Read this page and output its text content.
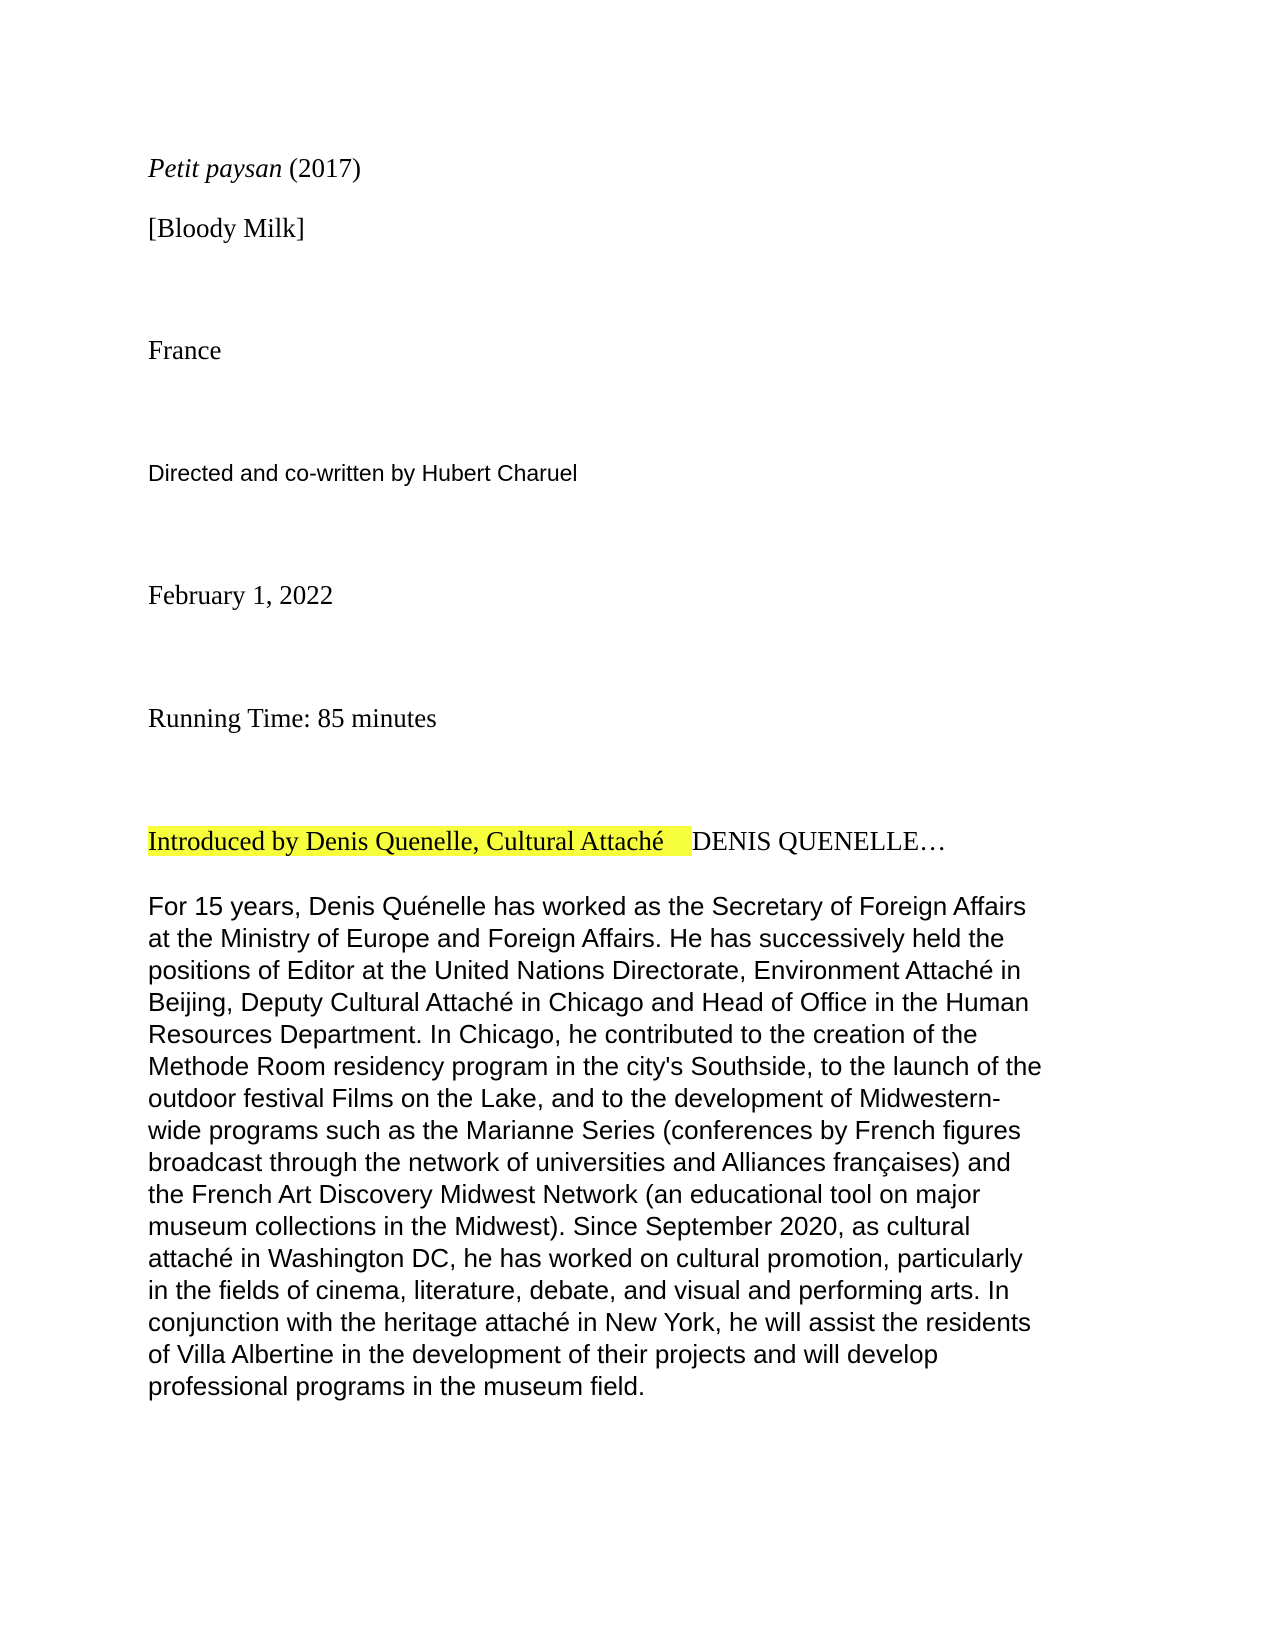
Petit paysan (2017)

[Bloody Milk]

France

Directed and co-written by Hubert Charuel

February 1, 2022

Running Time: 85 minutes

Introduced by Denis Quenelle, Cultural Attaché DENIS QUENELLE…

For 15 years, Denis Quénelle has worked as the Secretary of Foreign Affairs
at the Ministry of Europe and Foreign Affairs. He has successively held the
positions of Editor at the United Nations Directorate, Environment Attaché in
Beijing, Deputy Cultural Attaché in Chicago and Head of Office in the Human
Resources Department. In Chicago, he contributed to the creation of the
Methode Room residency program in the city's Southside, to the launch of the
outdoor festival Films on the Lake, and to the development of Midwestern-
wide programs such as the Marianne Series (conferences by French figures
broadcast through the network of universities and Alliances françaises) and
the French Art Discovery Midwest Network (an educational tool on major
museum collections in the Midwest). Since September 2020, as cultural
attaché in Washington DC, he has worked on cultural promotion, particularly
in the fields of cinema, literature, debate, and visual and performing arts. In
conjunction with the heritage attaché in New York, he will assist the residents
of Villa Albertine in the development of their projects and will develop
professional programs in the museum field.
